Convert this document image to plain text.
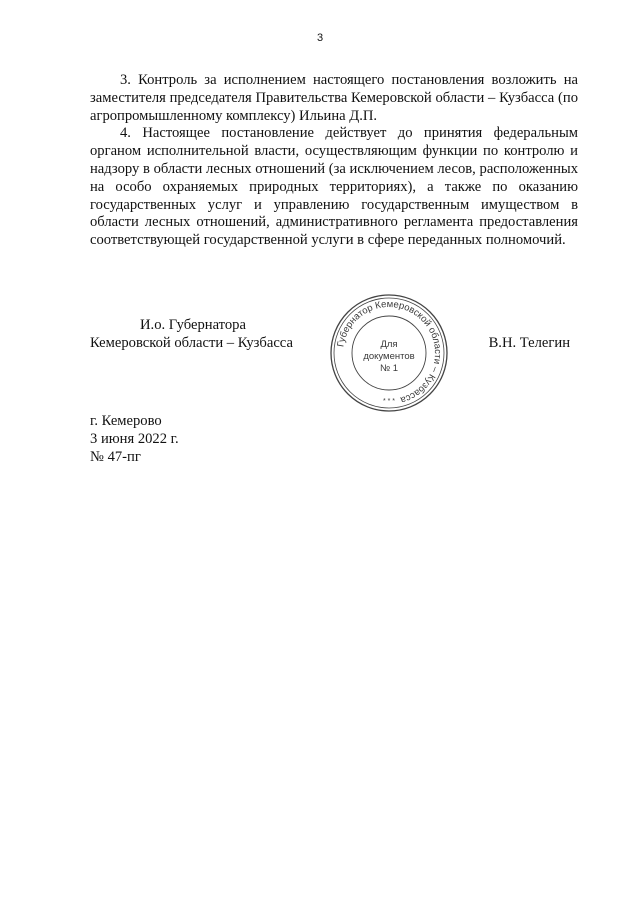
3

3. Контроль за исполнением настоящего постановления возложить на заместителя председателя Правительства Кемеровской области – Кузбасса (по агропромышленному комплексу) Ильина Д.П.

4. Настоящее постановление действует до принятия федеральным органом исполнительной власти, осуществляющим функции по контролю и надзору в области лесных отношений (за исключением лесов, расположенных на особо охраняемых природных территориях), а также по оказанию государственных услуг и управлению государственным имуществом в области лесных отношений, административного регламента предоставления соответствующей государственной услуги в сфере переданных полномочий.

И.о. Губернатора
Кемеровской области – Кузбасса	В.Н. Телегин
Губернатор Кемеровской области – Кузбасса
Для
документов
№ 1
* * *
г. Кемерово
3 июня 2022 г.
№ 47-пг
